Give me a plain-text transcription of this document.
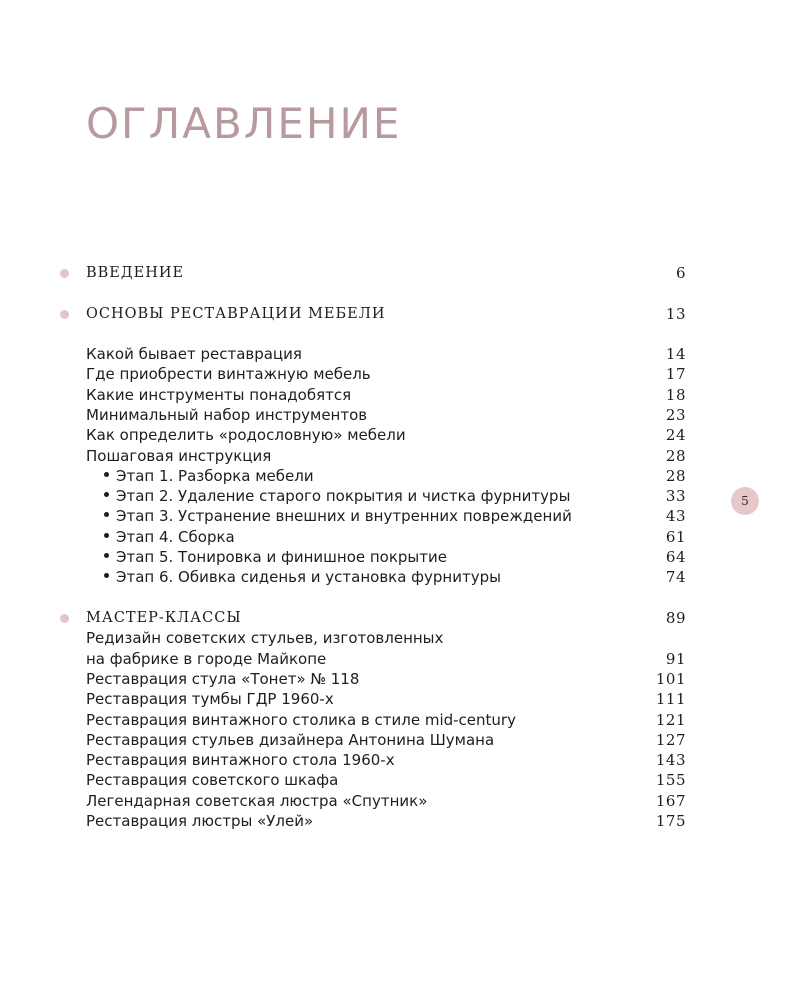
ОГЛАВЛЕНИЕ
ВВЕДЕНИЕ	6
ОСНОВЫ РЕСТАВРАЦИИ МЕБЕЛИ	13
Какой бывает реставрация	14
Где приобрести винтажную мебель	17
Какие инструменты понадобятся	18
Минимальный набор инструментов	23
Как определить «родословную» мебели	24
Пошаговая инструкция	28
Этап 1. Разборка мебели	28
Этап 2. Удаление старого покрытия и чистка фурнитуры	33
Этап 3. Устранение внешних и внутренних повреждений	43
Этап 4. Сборка	61
Этап 5. Тонировка и финишное покрытие	64
Этап 6. Обивка сиденья и установка фурнитуры	74
МАСТЕР-КЛАССЫ	89
Редизайн советских стульев, изготовленных
на фабрике в городе Майкопе	91
Реставрация стула «Тонет» № 118	101
Реставрация тумбы ГДР 1960-х	111
Реставрация винтажного столика в стиле mid-century	121
Реставрация стульев дизайнера Антонина Шумана	127
Реставрация винтажного стола 1960-х	143
Реставрация советского шкафа	155
Легендарная советская люстра «Спутник»	167
Реставрация люстры «Улей»	175
5
